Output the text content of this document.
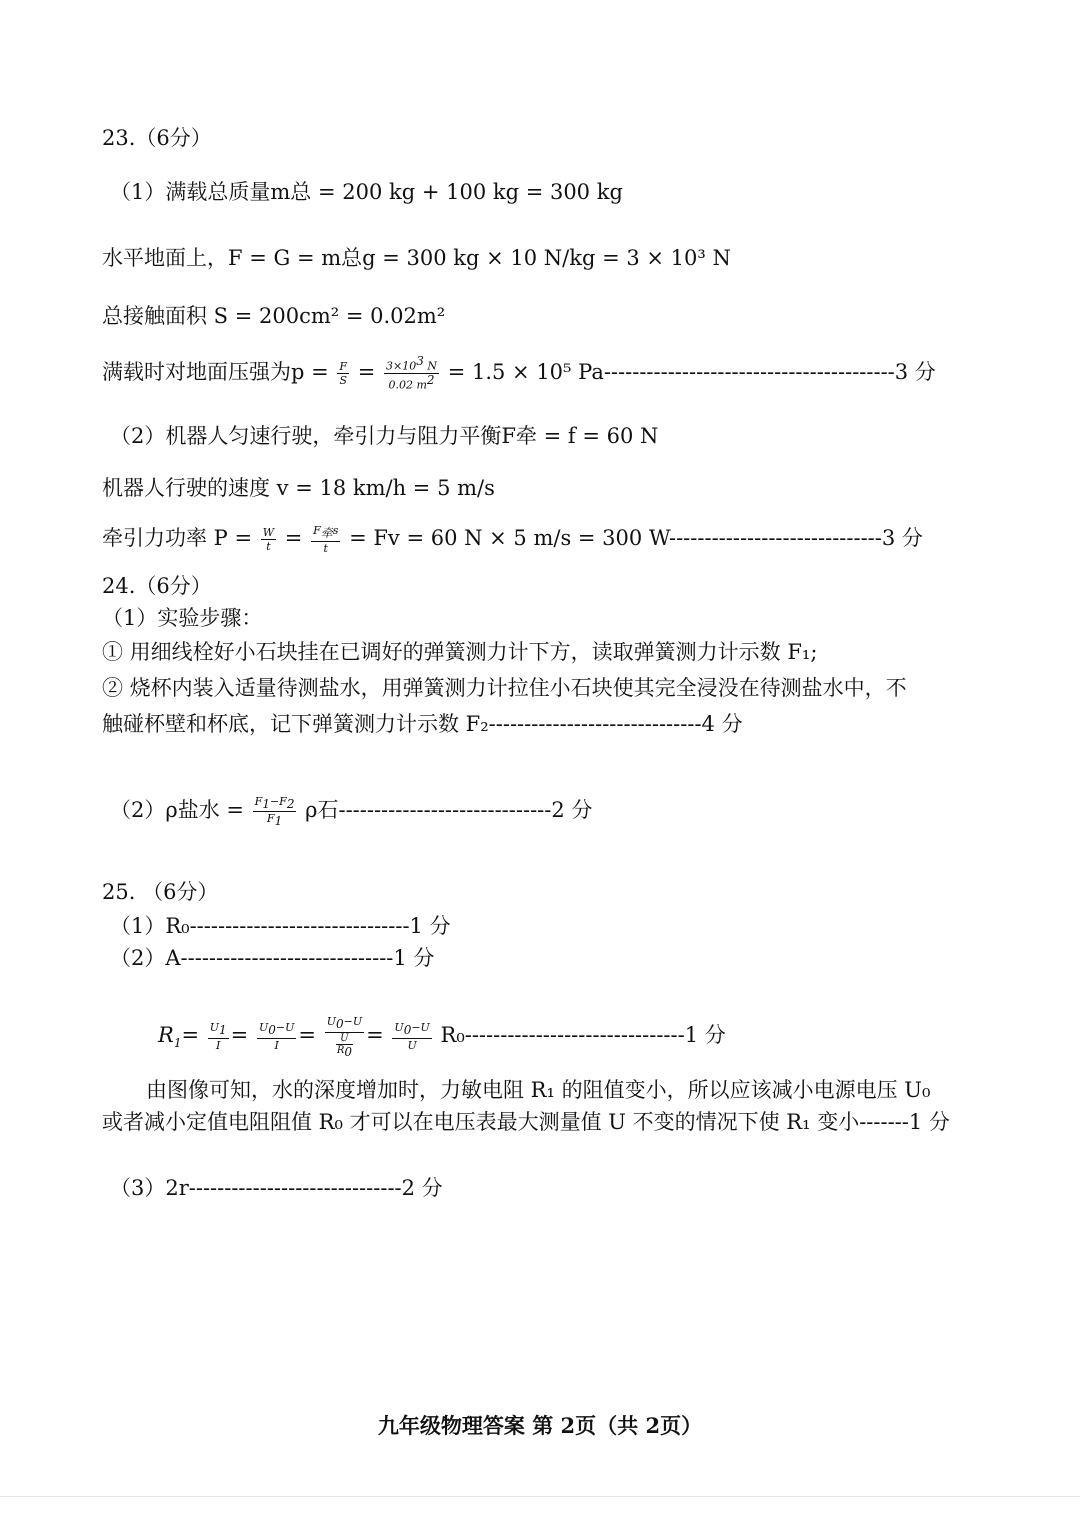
23.（6分）
（1）满载总质量m总 = 200 kg + 100 kg = 300 kg
水平地面上，F = G = m总g = 300 kg × 10 N/kg = 3 × 10³ N
总接触面积 S = 200cm² = 0.02m²
满载时对地面压强为$p = \frac{F}{S} = \frac{3\times 10^3 N}{0.02 m^2} = 1.5 \times 10^5$ Pa-----------------------------------------3 分
（2）机器人匀速行驶，牵引力与阻力平衡F牵 = f = 60 N
机器人行驶的速度 v = 18 km/h = 5 m/s
牵引力功率 $P = \frac{W}{t} = \frac{F_牵s}{t} = Fv = 60$ N × 5 m/s = 300 W------------------------------3 分
24.（6分）
（1）实验步骤：
① 用细线栓好小石块挂在已调好的弹簧测力计下方，读取弹簧测力计示数 F₁;
② 烧杯内装入适量待测盐水，用弹簧测力计拉住小石块使其完全浸没在待测盐水中，不
触碰杯壁和杯底，记下弹簧测力计示数 F₂------------------------------4 分
（2）ρ盐水 = $\frac{F_1-F_2}{F_1}$ ρ石------------------------------2 分
25. （6分）
（1）R₀-------------------------------1 分
（2）A------------------------------1 分
$R_1= \frac{U_1}{I} = \frac{U_0-U}{I} = \frac{U_0-U}{\frac{U}{R_0}} = \frac{U_0-U}{U} R_0-------------------------------1$ 分
由图像可知，水的深度增加时，力敏电阻 R₁ 的阻值变小，所以应该减小电源电压 U₀
或者减小定值电阻阻值 R₀ 才可以在电压表最大测量值 U 不变的情况下使 R₁ 变小-------1 分
（3）2r------------------------------2 分
九年级物理答案 第 2页（共 2页）
